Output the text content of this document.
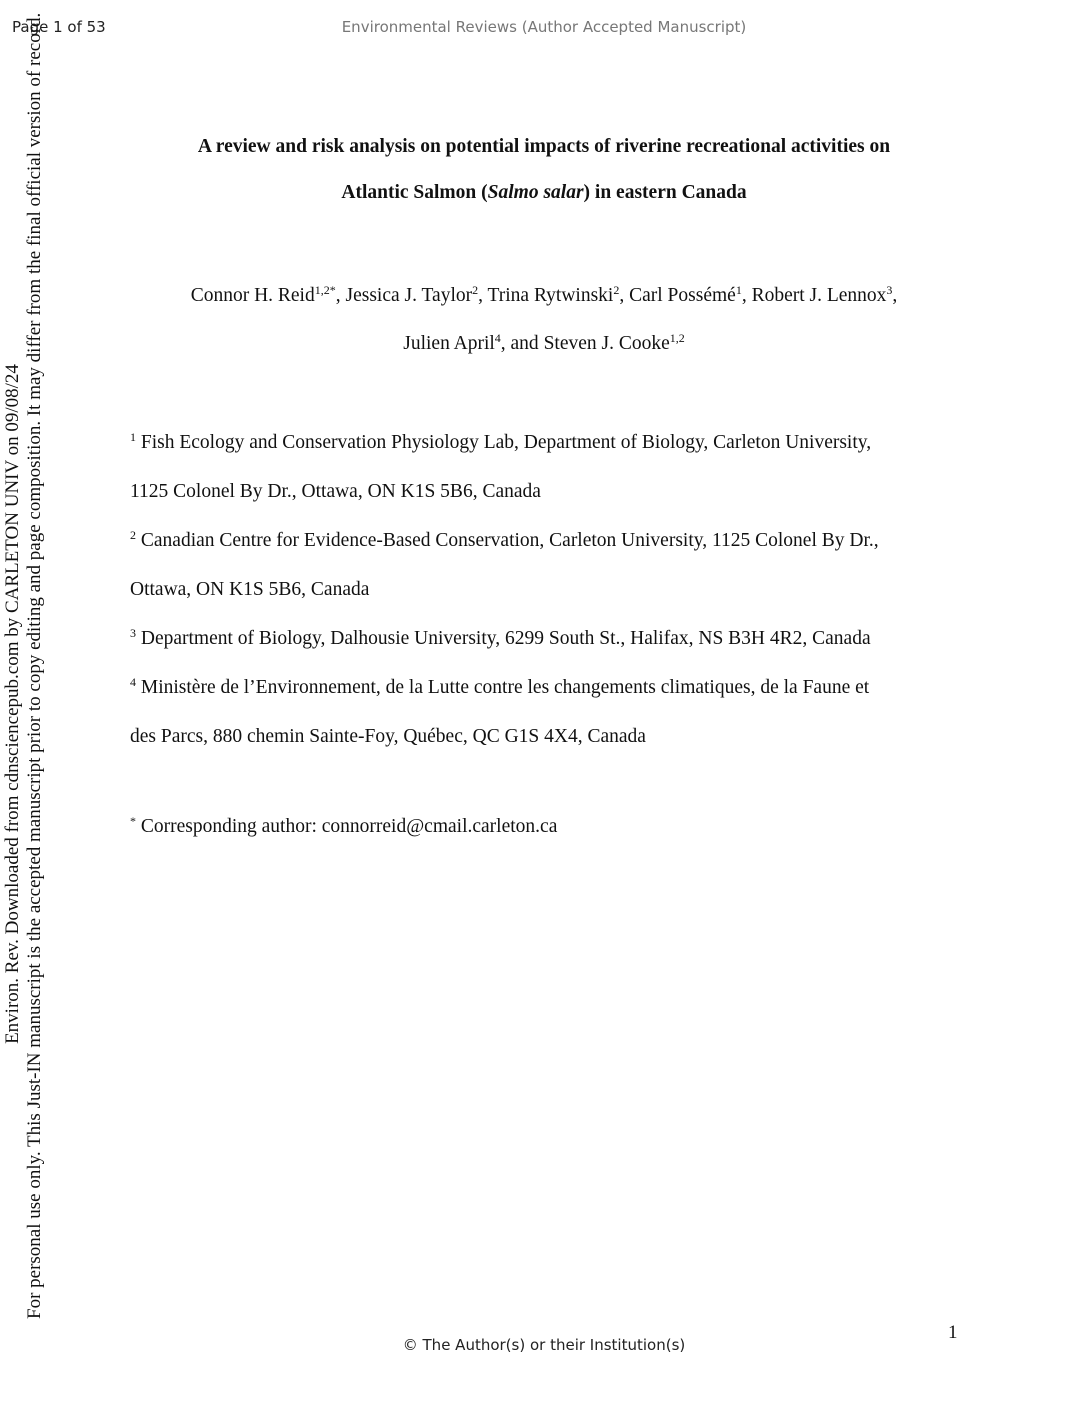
Page 1 of 53	Environmental Reviews (Author Accepted Manuscript)
Environ. Rev. Downloaded from cdnsciencepub.com by CARLETON UNIV on 09/08/24 For personal use only. This Just-IN manuscript is the accepted manuscript prior to copy editing and page composition. It may differ from the final official version of record.	A review and risk analysis on potential impacts of riverine recreational activities on
Atlantic Salmon (Salmo salar) in eastern Canada
Connor H. Reid$^{1,2*}$, Jessica J. Taylor$^2$, Trina Rytwinski$^2$, Carl Possémé$^1$, Robert J. Lennox$^3$,
Julien April$^4$, and Steven J. Cooke$^{1,2}$
$^1$ Fish Ecology and Conservation Physiology Lab, Department of Biology, Carleton University,
1125 Colonel By Dr., Ottawa, ON K1S 5B6, Canada
$^2$ Canadian Centre for Evidence-Based Conservation, Carleton University, 1125 Colonel By Dr.,
Ottawa, ON K1S 5B6, Canada
$^3$ Department of Biology, Dalhousie University, 6299 South St., Halifax, NS B3H 4R2, Canada
$^4$ Ministère de l’Environnement, de la Lutte contre les changements climatiques, de la Faune et
des Parcs, 880 chemin Sainte-Foy, Québec, QC G1S 4X4, Canada
* Corresponding author: connorreid@cmail.carleton.ca
1
© The Author(s) or their Institution(s)
